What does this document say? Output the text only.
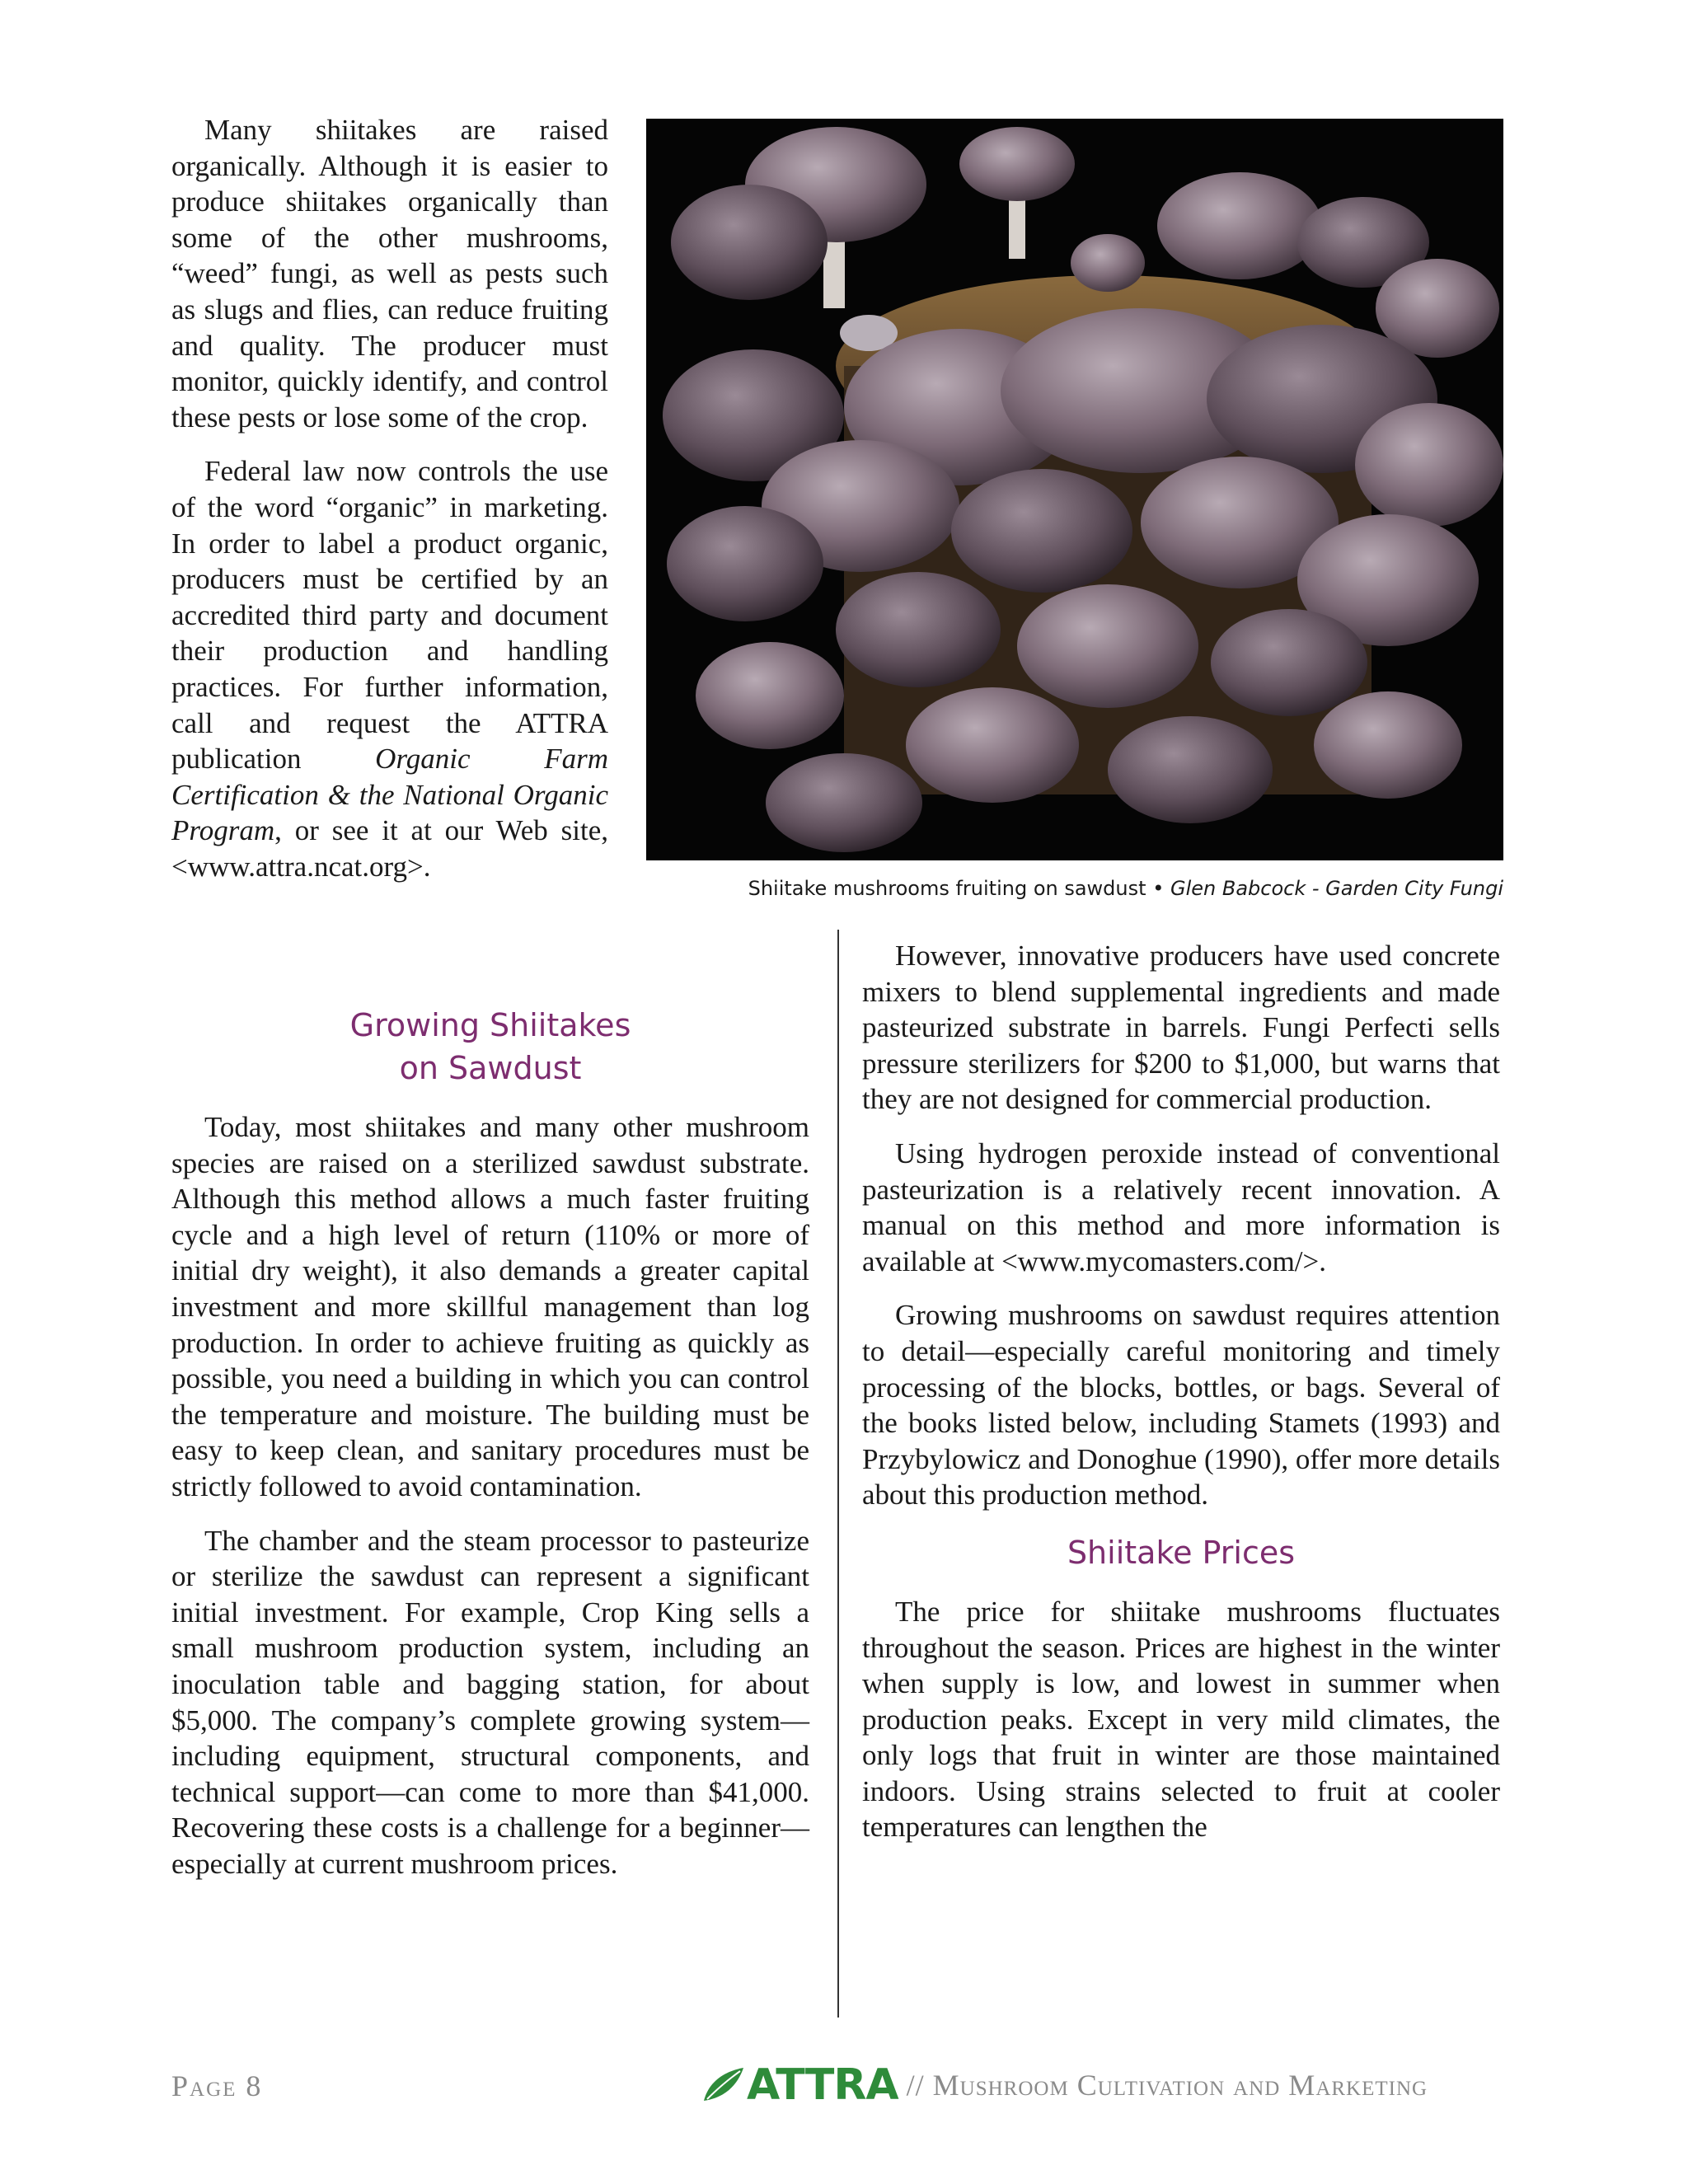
Many shiitakes are raised organically. Although it is easier to produce shiitakes organically than some of the other mushrooms, “weed” fungi, as well as pests such as slugs and flies, can reduce fruiting and quality. The producer must monitor, quickly identify, and control these pests or lose some of the crop.

Federal law now controls the use of the word “organic” in marketing. In order to label a product organic, producers must be certified by an accredited third party and document their production and handling practices. For further information, call and request the ATTRA publication Organic Farm Certification & the National Organic Program, or see it at our Web site, <www.attra.ncat.org>.

Shiitake mushrooms fruiting on sawdust • Glen Babcock - Garden City Fungi
Growing Shiitakes
on Sawdust

Today, most shiitakes and many other mushroom species are raised on a sterilized sawdust substrate. Although this method allows a much faster fruiting cycle and a high level of return (110% or more of initial dry weight), it also demands a greater capital investment and more skillful management than log production. In order to achieve fruiting as quickly as possible, you need a building in which you can control the temperature and moisture. The building must be easy to keep clean, and sanitary procedures must be strictly followed to avoid contamination.

The chamber and the steam processor to pasteurize or sterilize the sawdust can represent a significant initial investment. For example, Crop King sells a small mushroom production system, including an inoculation table and bagging station, for about $5,000. The company’s complete growing system—including equipment, structural components, and technical support—can come to more than $41,000. Recovering these costs is a challenge for a beginner—especially at current mushroom prices.

However, innovative producers have used concrete mixers to blend supplemental ingredients and made pasteurized substrate in barrels. Fungi Perfecti sells pressure sterilizers for $200 to $1,000, but warns that they are not designed for commercial production.

Using hydrogen peroxide instead of conventional pasteurization is a relatively recent innovation. A manual on this method and more information is available at <www.mycomasters.com/>.

Growing mushrooms on sawdust requires attention to detail—especially careful monitoring and timely processing of the blocks, bottles, or bags. Several of the books listed below, including Stamets (1993) and Przybylowicz and Donoghue (1990), offer more details about this production method.

Shiitake Prices

The price for shiitake mushrooms fluctuates throughout the season. Prices are highest in the winter when supply is low, and lowest in summer when production peaks. Except in very mild climates, the only logs that fruit in winter are those maintained indoors. Using strains selected to fruit at cooler temperatures can lengthen the

Page 8	ATTRA // Mushroom Cultivation and Marketing
